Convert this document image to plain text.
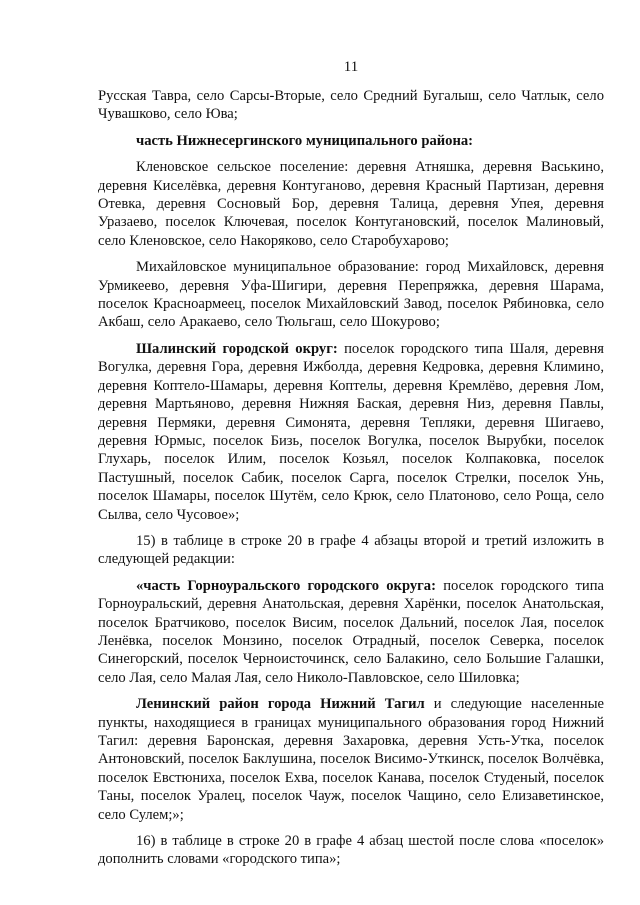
11

Русская Тавра, село Сарсы-Вторые, село Средний Бугалыш, село Чатлык, село Чувашково, село Юва;

часть Нижнесергинского муниципального района:

Кленовское сельское поселение: деревня Атняшка, деревня Васькино, деревня Киселёвка, деревня Контуганово, деревня Красный Партизан, деревня Отевка, деревня Сосновый Бор, деревня Талица, деревня Упея, деревня Уразаево, поселок Ключевая, поселок Контугановский, поселок Малиновый, село Кленовское, село Накоряково, село Старобухарово;

Михайловское муниципальное образование: город Михайловск, деревня Урмикеево, деревня Уфа-Шигири, деревня Перепряжка, деревня Шарама, поселок Красноармеец, поселок Михайловский Завод, поселок Рябиновка, село Акбаш, село Аракаево, село Тюльгаш, село Шокурово;

Шалинский городской округ: поселок городского типа Шаля, деревня Вогулка, деревня Гора, деревня Ижболда, деревня Кедровка, деревня Климино, деревня Коптело-Шамары, деревня Коптелы, деревня Кремлёво, деревня Лом, деревня Мартьяново, деревня Нижняя Баская, деревня Низ, деревня Павлы, деревня Пермяки, деревня Симонята, деревня Тепляки, деревня Шигаево, деревня Юрмыс, поселок Бизь, поселок Вогулка, поселок Вырубки, поселок Глухарь, поселок Илим, поселок Козьял, поселок Колпаковка, поселок Пастушный, поселок Сабик, поселок Сарга, поселок Стрелки, поселок Унь, поселок Шамары, поселок Шутём, село Крюк, село Платоново, село Роща, село Сылва, село Чусовое»;

15) в таблице в строке 20 в графе 4 абзацы второй и третий изложить в следующей редакции:

«часть Горноуральского городского округа: поселок городского типа Горноуральский, деревня Анатольская, деревня Харёнки, поселок Анатольская, поселок Братчиково, поселок Висим, поселок Дальний, поселок Лая, поселок Ленёвка, поселок Монзино, поселок Отрадный, поселок Северка, поселок Синегорский, поселок Черноисточинск, село Балакино, село Большие Галашки, село Лая, село Малая Лая, село Николо-Павловское, село Шиловка;

Ленинский район города Нижний Тагил и следующие населенные пункты, находящиеся в границах муниципального образования город Нижний Тагил: деревня Баронская, деревня Захаровка, деревня Усть-Утка, поселок Антоновский, поселок Баклушина, поселок Висимо-Уткинск, поселок Волчёвка, поселок Евстюниха, поселок Ехва, поселок Канава, поселок Студеный, поселок Таны, поселок Уралец, поселок Чауж, поселок Чащино, село Елизаветинское, село Сулем;»;

16) в таблице в строке 20 в графе 4 абзац шестой после слова «поселок» дополнить словами «городского типа»;
